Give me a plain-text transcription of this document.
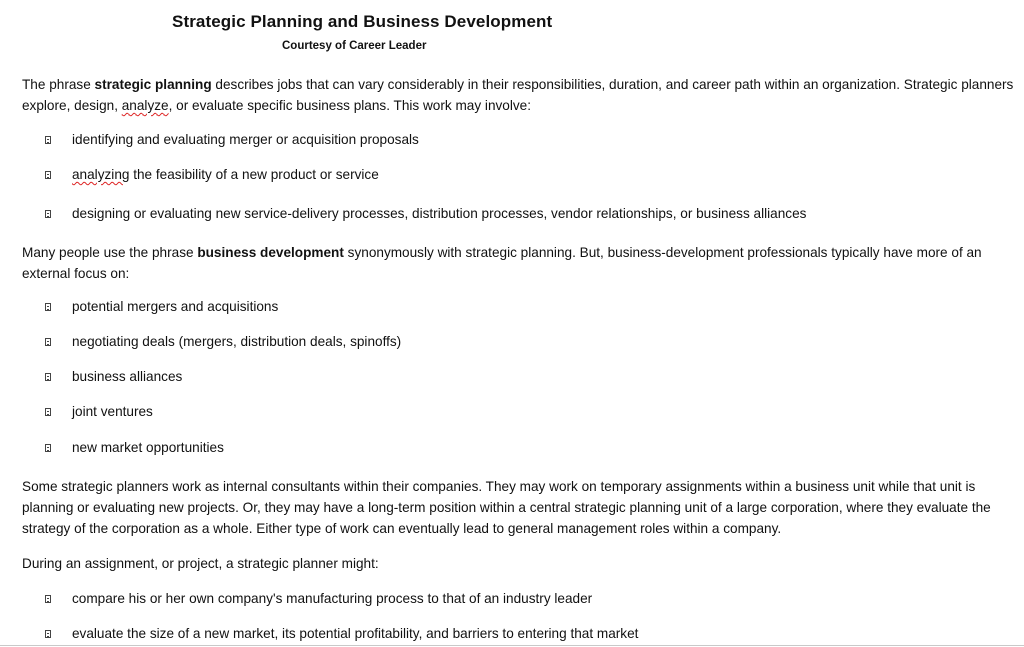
Strategic Planning and Business Development
Courtesy of Career Leader

The phrase strategic planning describes jobs that can vary considerably in their responsibilities, duration, and career path within an organization. Strategic planners explore, design, analyze, or evaluate specific business plans. This work may involve:

identifying and evaluating merger or acquisition proposals
analyzing the feasibility of a new product or service
designing or evaluating new service-delivery processes, distribution processes, vendor relationships, or business alliances

Many people use the phrase business development synonymously with strategic planning. But, business-development professionals typically have more of an external focus on:

potential mergers and acquisitions
negotiating deals (mergers, distribution deals, spinoffs)
business alliances
joint ventures
new market opportunities

Some strategic planners work as internal consultants within their companies. They may work on temporary assignments within a business unit while that unit is planning or evaluating new projects. Or, they may have a long-term position within a central strategic planning unit of a large corporation, where they evaluate the strategy of the corporation as a whole. Either type of work can eventually lead to general management roles within a company.

During an assignment, or project, a strategic planner might:

compare his or her own company's manufacturing process to that of an industry leader
evaluate the size of a new market, its potential profitability, and barriers to entering that market
